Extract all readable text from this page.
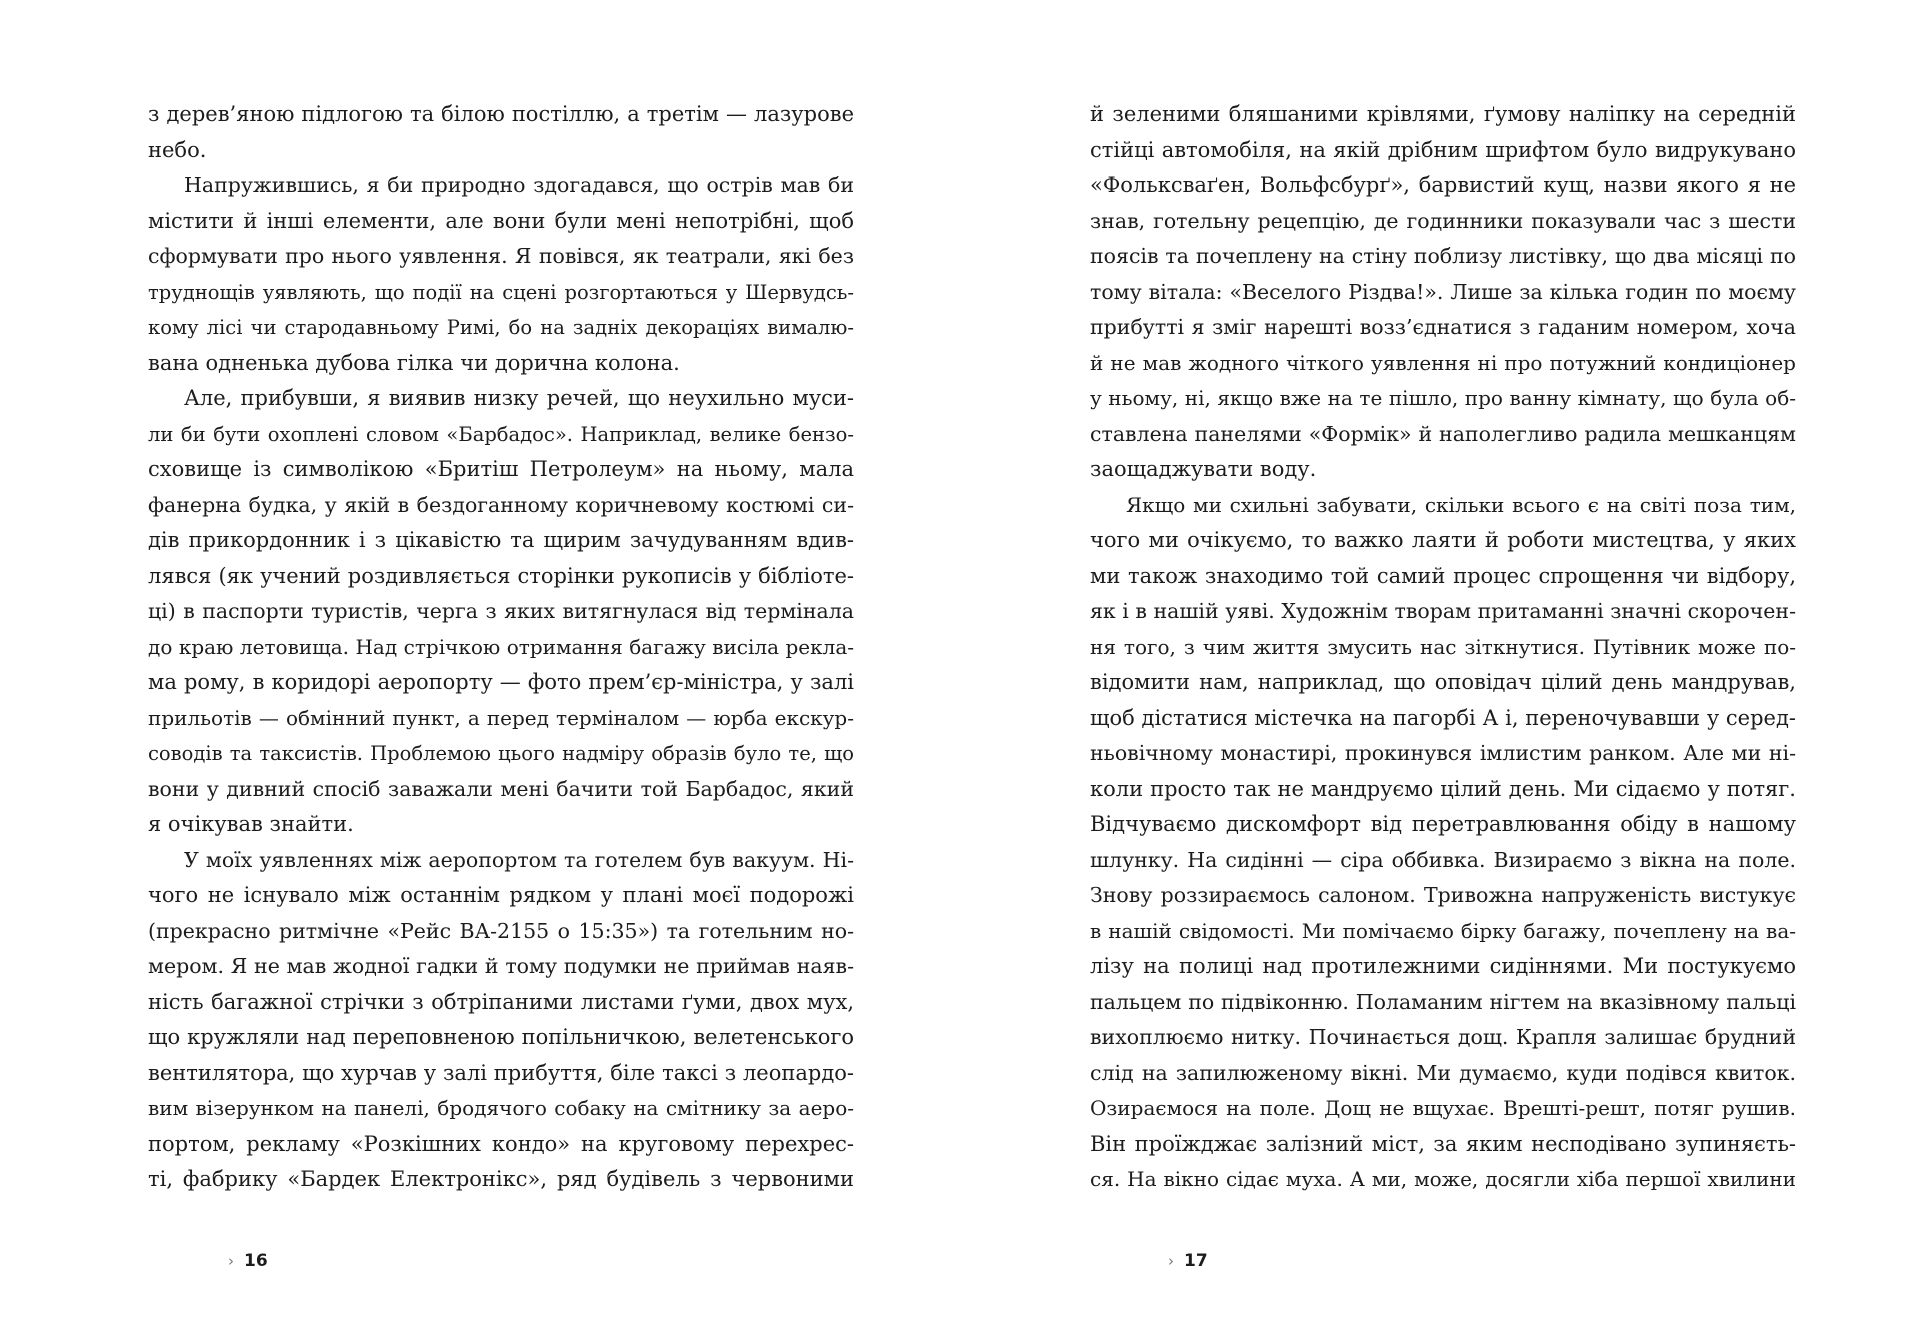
з дерев’яною підлогою та білою постіллю, а третім — лазурове
небо.
Напружившись, я би природно здогадався, що острів мав би
містити й інші елементи, але вони були мені непотрібні, щоб
сформувати про нього уявлення. Я повівся, як театрали, які без
труднощів уявляють, що події на сцені розгортаються у Шервудсь-
кому лісі чи стародавньому Римі, бо на задніх декораціях вималю-
вана одненька дубова гілка чи дорична колона.
Але, прибувши, я виявив низку речей, що неухильно муси-
ли би бути охоплені словом «Барбадос». Наприклад, велике бензо-
сховище із символікою «Бритіш Петролеум» на ньому, мала
фанерна будка, у якій в бездоганному коричневому костюмі си-
дів прикордонник і з цікавістю та щирим зачудуванням вдив-
лявся (як учений роздивляється сторінки рукописів у бібліоте-
ці) в паспорти туристів, черга з яких витягнулася від термінала
до краю летовища. Над стрічкою отримання багажу висіла рекла-
ма рому, в коридорі аеропорту — фото прем’єр-міністра, у залі
прильотів — обмінний пункт, а перед терміналом — юрба екскур-
соводів та таксистів. Проблемою цього надміру образів було те, що
вони у дивний спосіб заважали мені бачити той Барбадос, який
я очікував знайти.
У моїх уявленнях між аеропортом та готелем був вакуум. Ні-
чого не існувало між останнім рядком у плані моєї подорожі
(прекрасно ритмічне «Рейс ВА-2155 о 15:35») та готельним но-
мером. Я не мав жодної гадки й тому подумки не приймав наяв-
ність багажної стрічки з обтріпаними листами ґуми, двох мух,
що кружляли над переповненою попільничкою, велетенського
вентилятора, що хурчав у залі прибуття, біле таксі з леопардо-
вим візерунком на панелі, бродячого собаку на смітнику за аеро-
портом, рекламу «Розкішних кондо» на круговому перехрес-
ті, фабрику «Бардек Електронікс», ряд будівель з червоними
й зеленими бляшаними крівлями, ґумову наліпку на середній
стійці автомобіля, на якій дрібним шрифтом було видрукувано
«Фольксваґен, Вольфсбурґ», барвистий кущ, назви якого я не
знав, готельну рецепцію, де годинники показували час з шести
поясів та почеплену на стіну поблизу листівку, що два місяці по
тому вітала: «Веселого Різдва!». Лише за кілька годин по моєму
прибутті я зміг нарешті возз’єднатися з гаданим номером, хоча
й не мав жодного чіткого уявлення ні про потужний кондиціонер
у ньому, ні, якщо вже на те пішло, про ванну кімнату, що була об-
ставлена панелями «Формік» й наполегливо радила мешканцям
заощаджувати воду.
Якщо ми схильні забувати, скільки всього є на світі поза тим,
чого ми очікуємо, то важко лаяти й роботи мистецтва, у яких
ми також знаходимо той самий процес спрощення чи відбору,
як і в нашій уяві. Художнім творам притаманні значні скорочен-
ня того, з чим життя змусить нас зіткнутися. Путівник може по-
відомити нам, наприклад, що оповідач цілий день мандрував,
щоб дістатися містечка на пагорбі А і, переночувавши у серед-
ньовічному монастирі, прокинувся імлистим ранком. Але ми ні-
коли просто так не мандруємо цілий день. Ми сідаємо у потяг.
Відчуваємо дискомфорт від перетравлювання обіду в нашому
шлунку. На сидінні — сіра оббивка. Визираємо з вікна на поле.
Знову роззираємось салоном. Тривожна напруженість вистукує
в нашій свідомості. Ми помічаємо бірку багажу, почеплену на ва-
лізу на полиці над протилежними сидіннями. Ми постукуємо
пальцем по підвіконню. Поламаним нігтем на вказівному пальці
вихоплюємо нитку. Починається дощ. Крапля залишає брудний
слід на запилюженому вікні. Ми думаємо, куди подівся квиток.
Озираємося на поле. Дощ не вщухає. Врешті-решт, потяг рушив.
Він проїжджає залізний міст, за яким несподівано зупиняєть-
ся. На вікно сідає муха. А ми, може, досягли хіба першої хвилини
› 16	› 17
